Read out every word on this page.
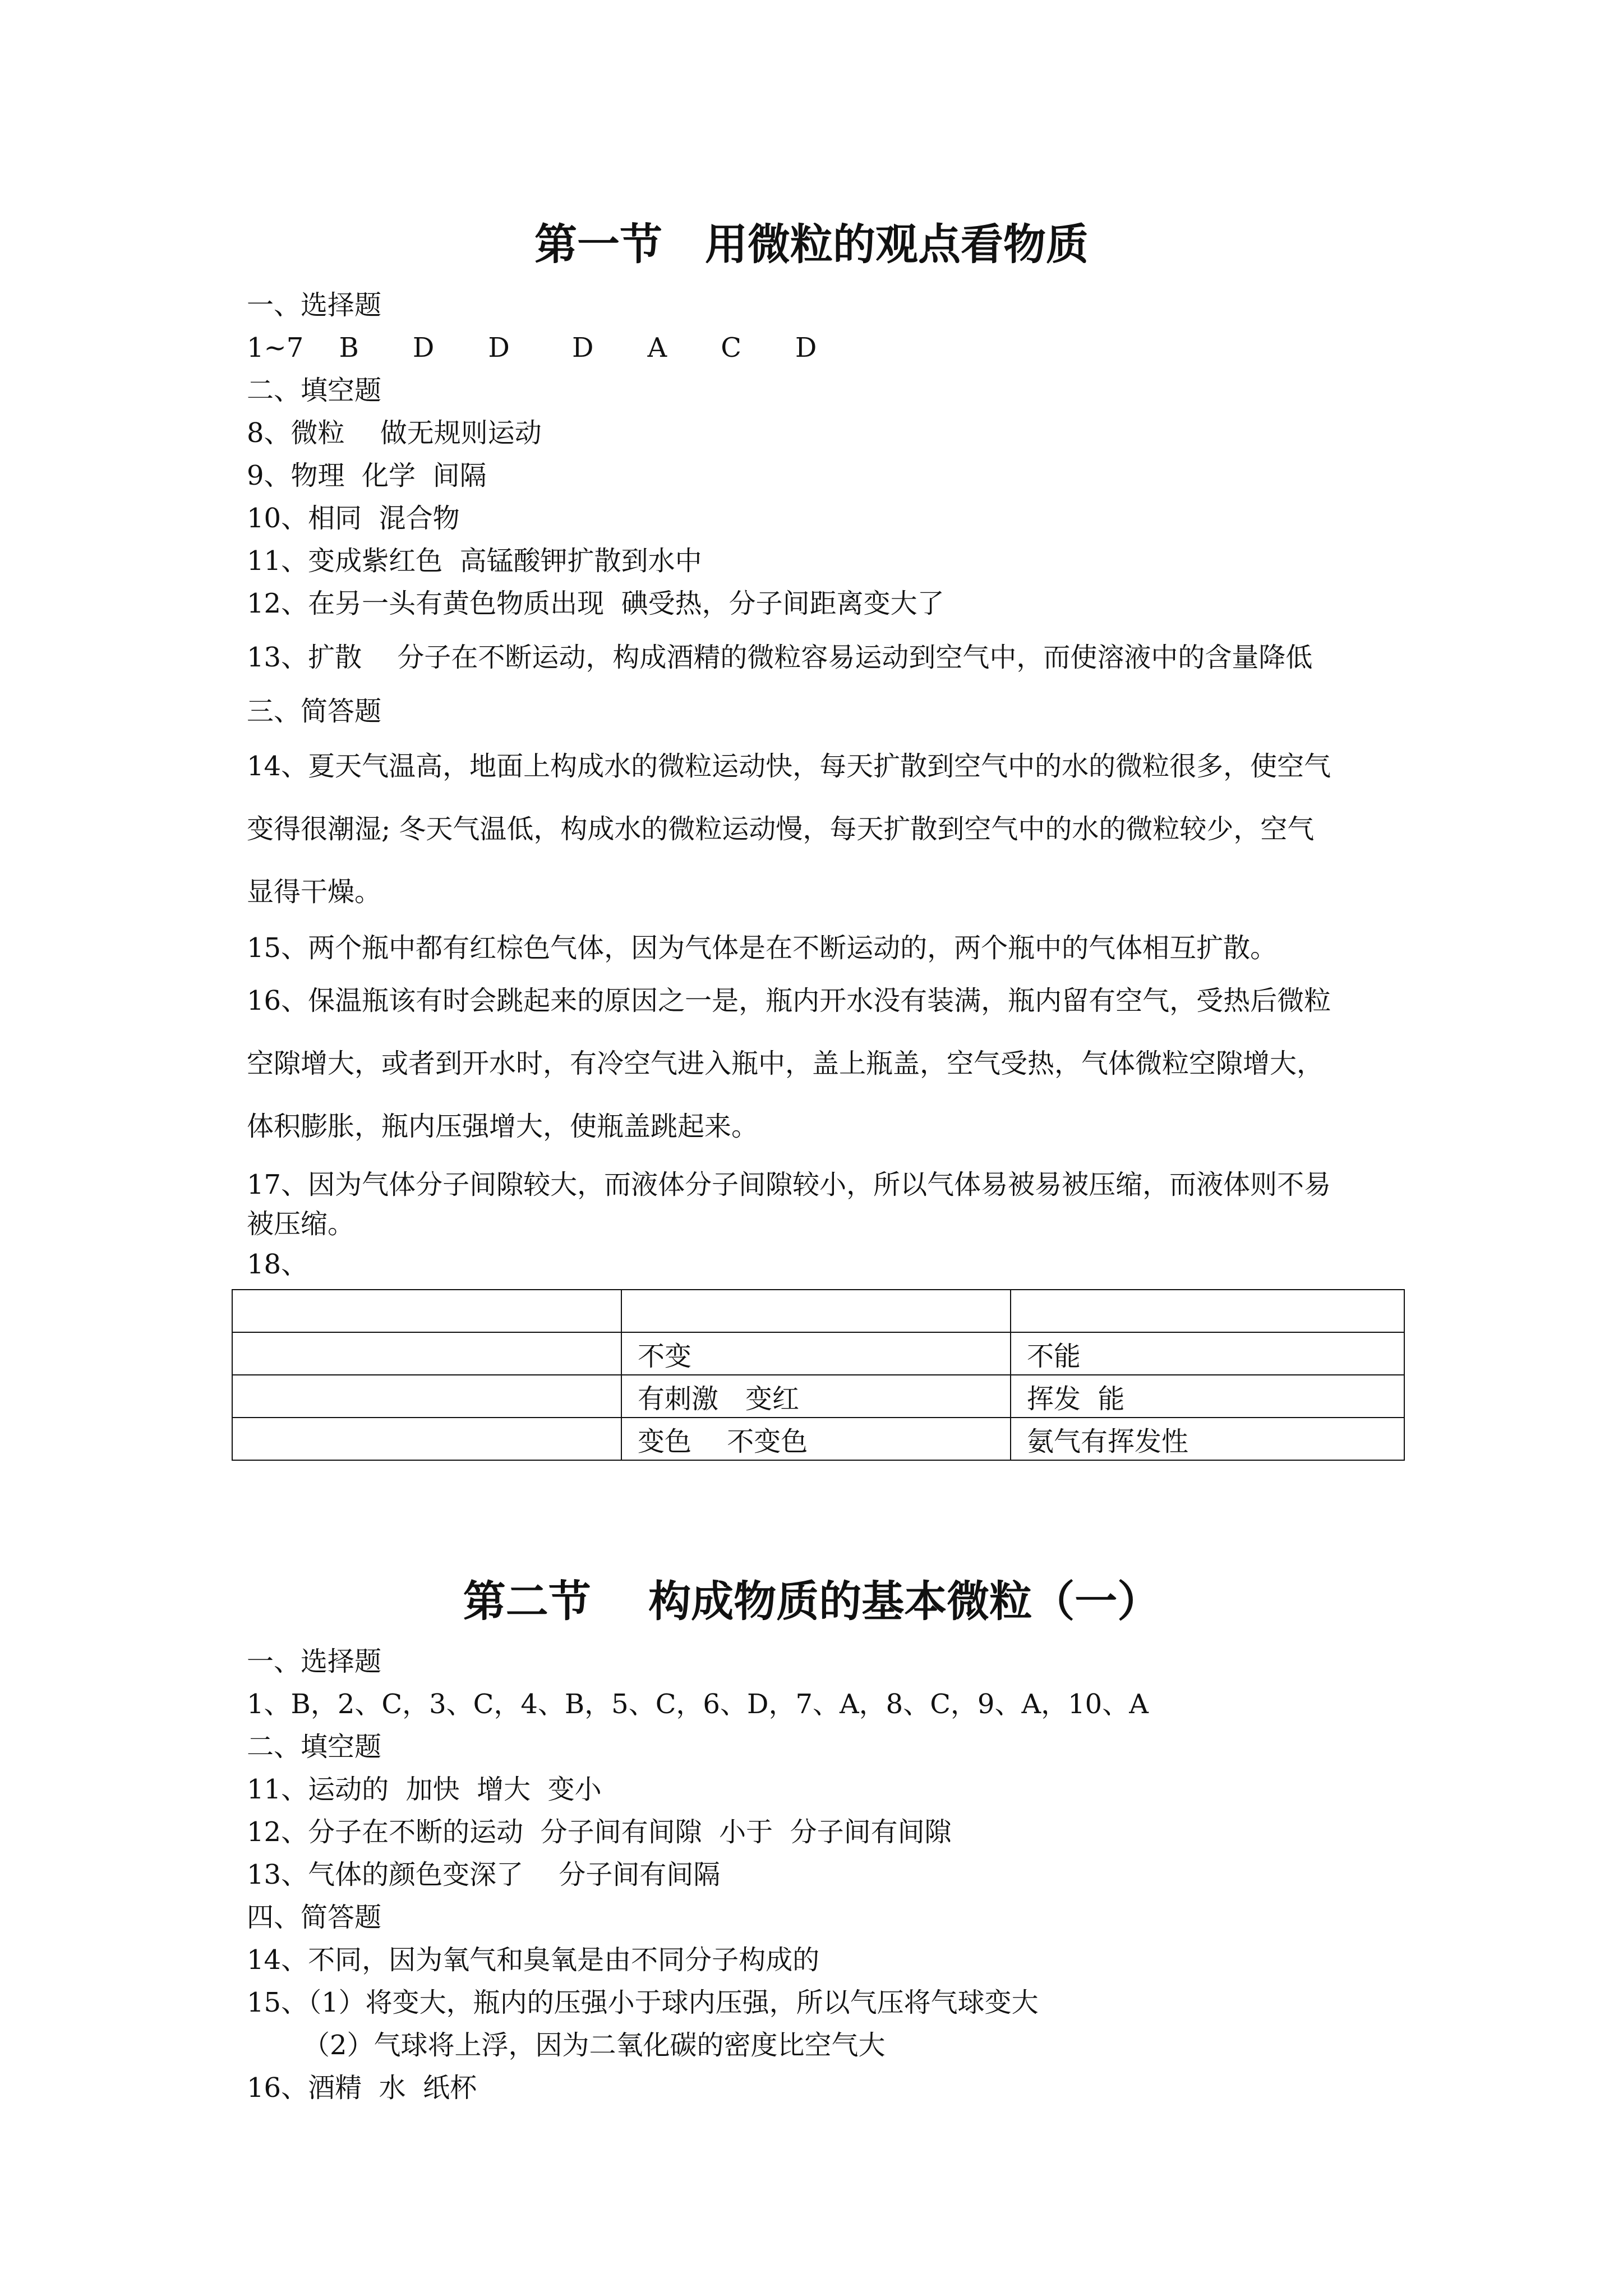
第一节　用微粒的观点看物质
一、选择题
1~7　 B　　D　　D　　 D　　A　　C　　D
二、填空题
8、微粒　 做无规则运动
9、物理  化学  间隔
10、相同  混合物
11、变成紫红色  高锰酸钾扩散到水中
12、在另一头有黄色物质出现  碘受热，分子间距离变大了
13、扩散　 分子在不断运动，构成酒精的微粒容易运动到空气中，而使溶液中的含量降低
三、简答题
14、夏天气温高，地面上构成水的微粒运动快，每天扩散到空气中的水的微粒很多，使空气
变得很潮湿; 冬天气温低，构成水的微粒运动慢，每天扩散到空气中的水的微粒较少，空气
显得干燥。
15、两个瓶中都有红棕色气体，因为气体是在不断运动的，两个瓶中的气体相互扩散。
16、保温瓶该有时会跳起来的原因之一是，瓶内开水没有装满，瓶内留有空气，受热后微粒
空隙增大，或者到开水时，有冷空气进入瓶中，盖上瓶盖，空气受热，气体微粒空隙增大，
体积膨胀，瓶内压强增大，使瓶盖跳起来。
17、因为气体分子间隙较大，而液体分子间隙较小，所以气体易被易被压缩，而液体则不易
被压缩。
18、

	不变	不能
	有刺激　变红	挥发  能
	变色　 不变色	氨气有挥发性
第二节　 构成物质的基本微粒（一）
一、选择题
1、B，2、C，3、C，4、B，5、C，6、D，7、A，8、C，9、A，10、A
二、填空题
11、运动的  加快  增大  变小
12、分子在不断的运动  分子间有间隙  小于  分子间有间隙
13、气体的颜色变深了　 分子间有间隔
四、简答题
14、不同，因为氧气和臭氧是由不同分子构成的
15、（1）将变大，瓶内的压强小于球内压强，所以气压将气球变大
（2）气球将上浮，因为二氧化碳的密度比空气大
16、酒精  水  纸杯
